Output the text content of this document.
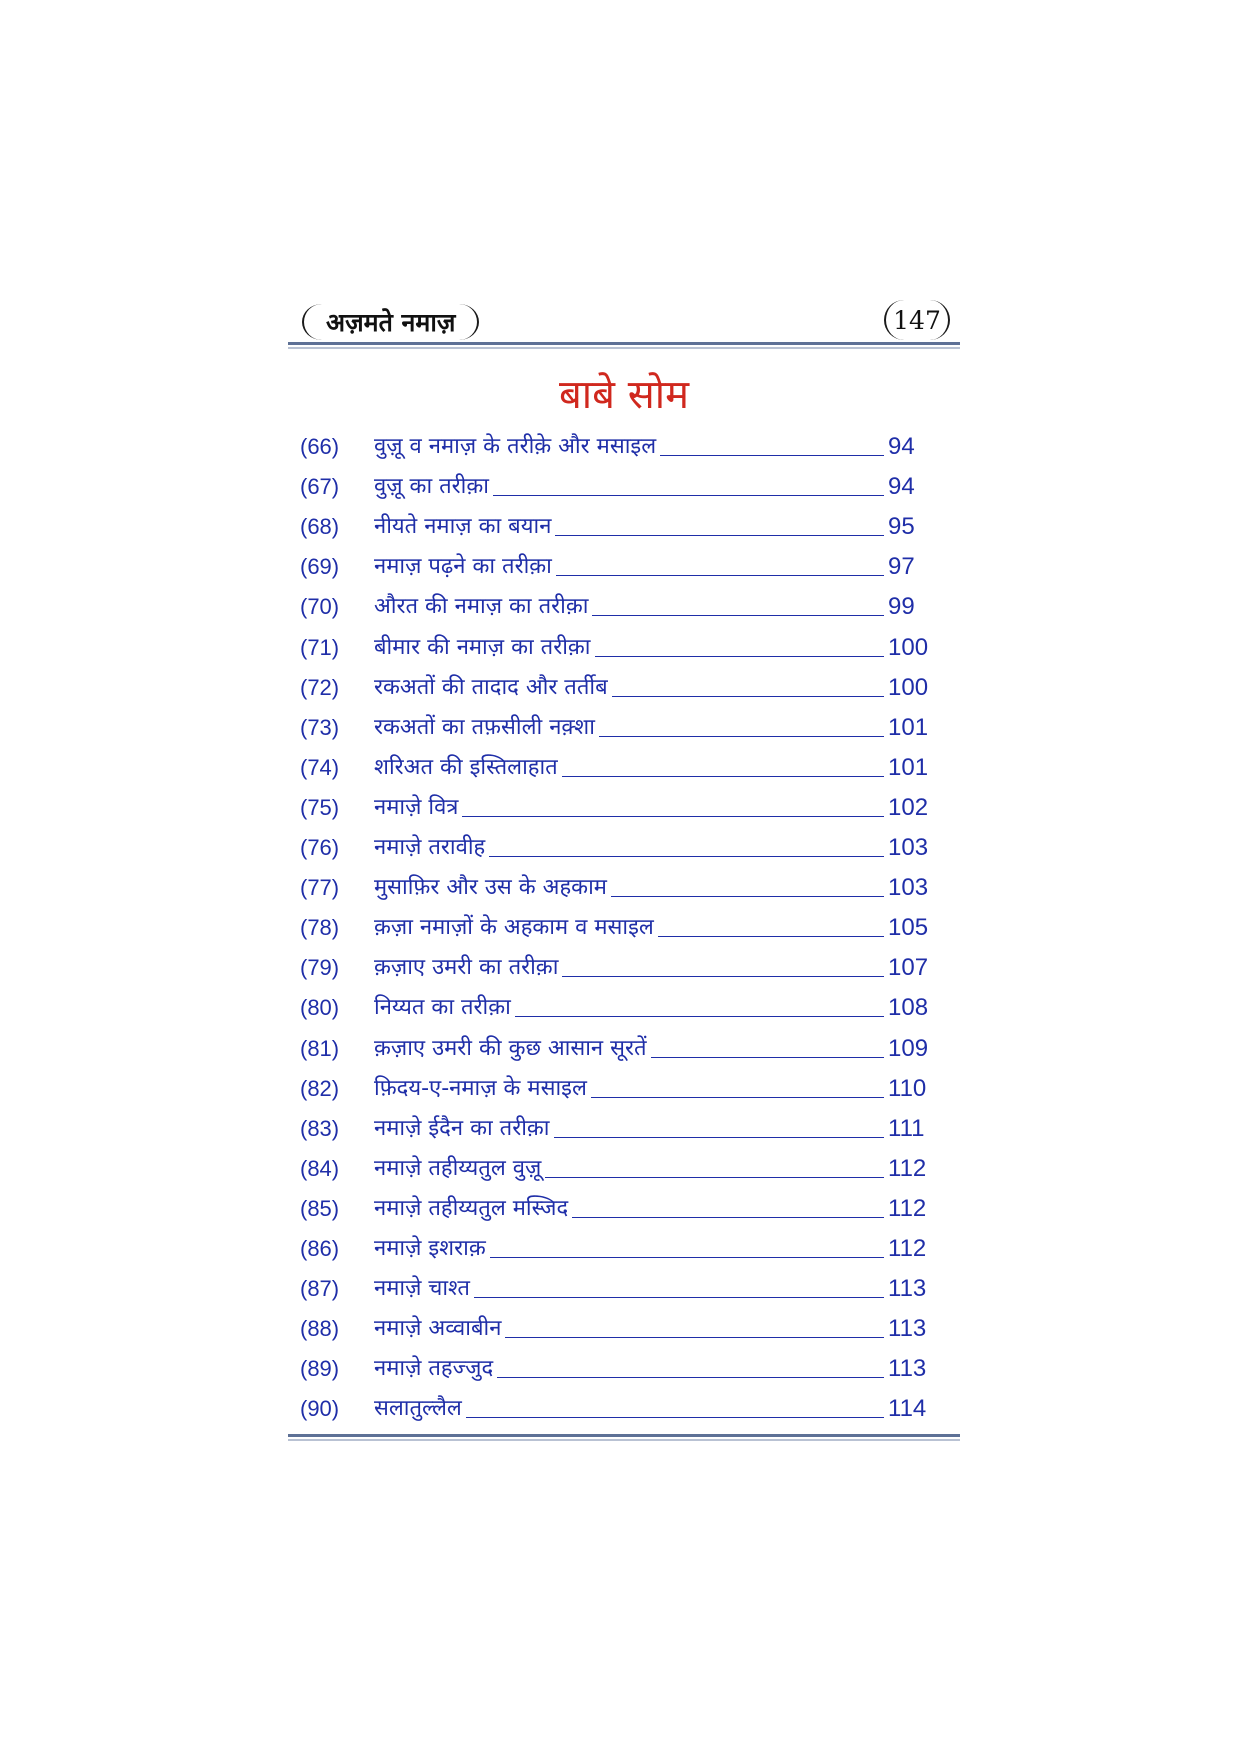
अज़मते नमाज़	147
बाबे सोम
(66)	वुज़ू व नमाज़ के तरीक़े और मसाइल	94
(67)	वुज़ू का तरीक़ा	94
(68)	नीयते नमाज़ का बयान	95
(69)	नमाज़ पढ़ने का तरीक़ा	97
(70)	औरत की नमाज़ का तरीक़ा	99
(71)	बीमार की नमाज़ का तरीक़ा	100
(72)	रकअतों की तादाद और तर्तीब	100
(73)	रकअतों का तफ़सीली नक़्शा	101
(74)	शरिअत की इस्तिलाहात	101
(75)	नमाज़े वित्र	102
(76)	नमाज़े तरावीह	103
(77)	मुसाफ़िर और उस के अहकाम	103
(78)	क़ज़ा नमाज़ों के अहकाम व मसाइल	105
(79)	क़ज़ाए उमरी का तरीक़ा	107
(80)	निय्यत का तरीक़ा	108
(81)	क़ज़ाए उमरी की कुछ आसान सूरतें	109
(82)	फ़िदय-ए-नमाज़ के मसाइल	110
(83)	नमाज़े ईदैन का तरीक़ा	111
(84)	नमाज़े तहीय्यतुल वुज़ू	112
(85)	नमाज़े तहीय्यतुल मस्जिद	112
(86)	नमाज़े इशराक़	112
(87)	नमाज़े चाश्त	113
(88)	नमाज़े अव्वाबीन	113
(89)	नमाज़े तहज्जुद	113
(90)	सलातुल्लैल	114
